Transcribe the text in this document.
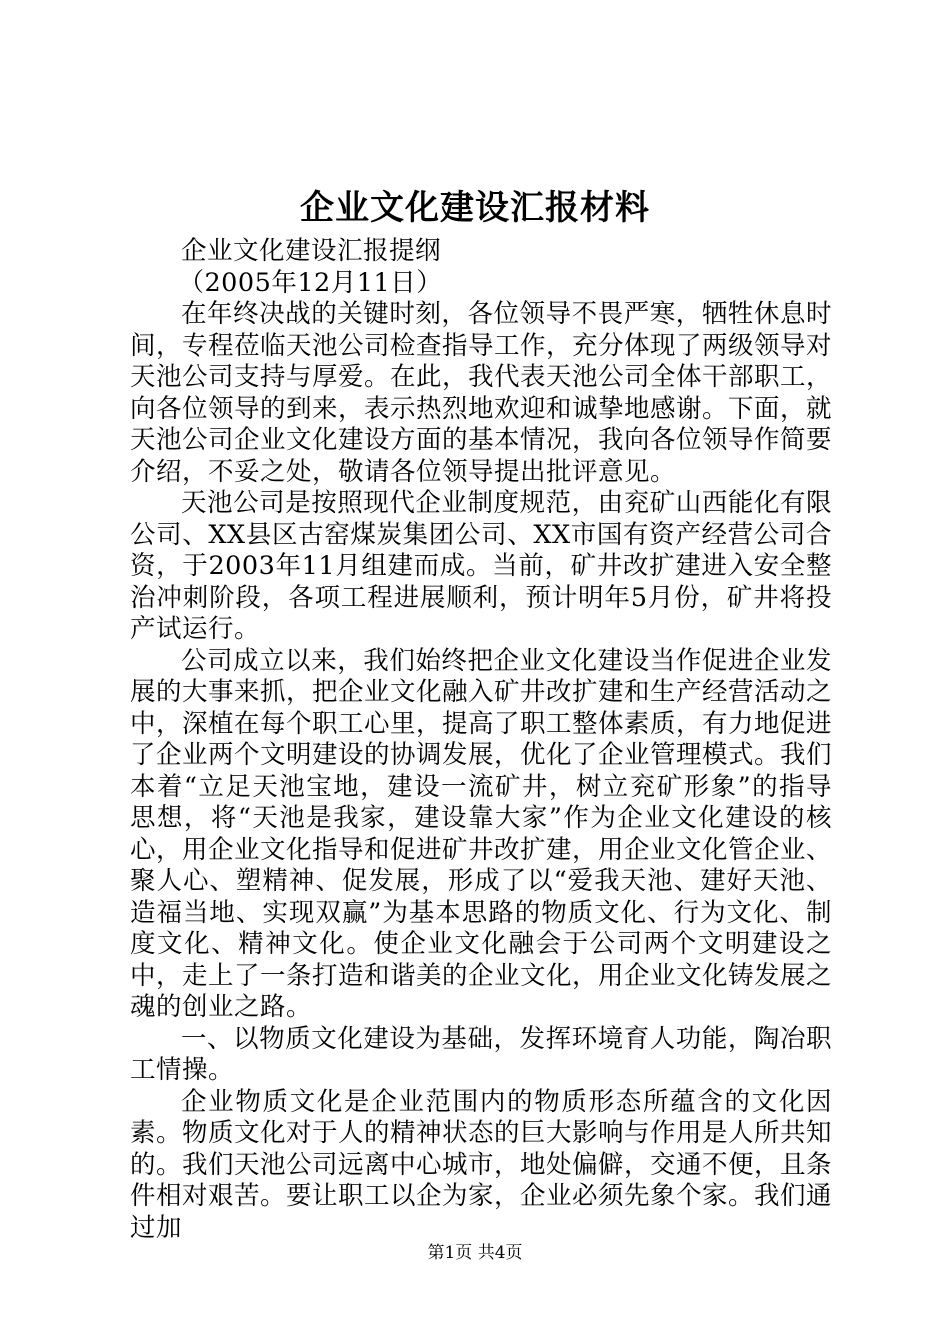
企业文化建设汇报材料

企业文化建设汇报提纲

（2005年12月11日）

在年终决战的关键时刻，各位领导不畏严寒，牺牲休息时间，专程莅临天池公司检查指导工作，充分体现了两级领导对天池公司支持与厚爱。在此，我代表天池公司全体干部职工，向各位领导的到来，表示热烈地欢迎和诚挚地感谢。下面，就天池公司企业文化建设方面的基本情况，我向各位领导作简要介绍，不妥之处，敬请各位领导提出批评意见。

天池公司是按照现代企业制度规范，由兖矿山西能化有限公司、XX县区古窑煤炭集团公司、XX市国有资产经营公司合资，于2003年11月组建而成。当前，矿井改扩建进入安全整治冲刺阶段，各项工程进展顺利，预计明年5月份，矿井将投产试运行。

公司成立以来，我们始终把企业文化建设当作促进企业发展的大事来抓，把企业文化融入矿井改扩建和生产经营活动之中，深植在每个职工心里，提高了职工整体素质，有力地促进了企业两个文明建设的协调发展，优化了企业管理模式。我们本着“立足天池宝地，建设一流矿井，树立兖矿形象”的指导思想，将“天池是我家，建设靠大家”作为企业文化建设的核心，用企业文化指导和促进矿井改扩建，用企业文化管企业、聚人心、塑精神、促发展，形成了以“爱我天池、建好天池、造福当地、实现双赢”为基本思路的物质文化、行为文化、制度文化、精神文化。使企业文化融会于公司两个文明建设之中，走上了一条打造和谐美的企业文化，用企业文化铸发展之魂的创业之路。

一、以物质文化建设为基础，发挥环境育人功能，陶冶职工情操。

企业物质文化是企业范围内的物质形态所蕴含的文化因素。物质文化对于人的精神状态的巨大影响与作用是人所共知的。我们天池公司远离中心城市，地处偏僻，交通不便，且条件相对艰苦。要让职工以企为家，企业必须先象个家。我们通过加

第1页 共4页
